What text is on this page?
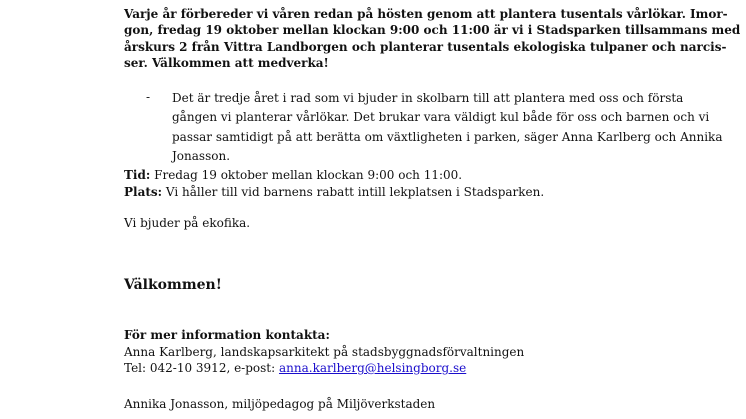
Varje år förbereder vi våren redan på hösten genom att plantera tusentals vårlökar. Imor-
gon, fredag 19 oktober mellan klockan 9:00 och 11:00 är vi i Stadsparken tillsammans med
årskurs 2 från Vittra Landborgen och planterar tusentals ekologiska tulpaner och narcis-
ser. Välkommen att medverka!
- Det är tredje året i rad som vi bjuder in skolbarn till att plantera med oss och första
gången vi planterar vårlökar. Det brukar vara väldigt kul både för oss och barnen och vi
passar samtidigt på att berätta om växtligheten i parken, säger Anna Karlberg och Annika
Jonasson.
Tid: Fredag 19 oktober mellan klockan 9:00 och 11:00.
Plats: Vi håller till vid barnens rabatt intill lekplatsen i Stadsparken.
Vi bjuder på ekofika.
Välkommen!
För mer information kontakta:
Anna Karlberg, landskapsarkitekt på stadsbyggnadsförvaltningen
Tel: 042-10 3912, e-post: anna.karlberg@helsingborg.se
Annika Jonasson, miljöpedagog på Miljöverkstaden
